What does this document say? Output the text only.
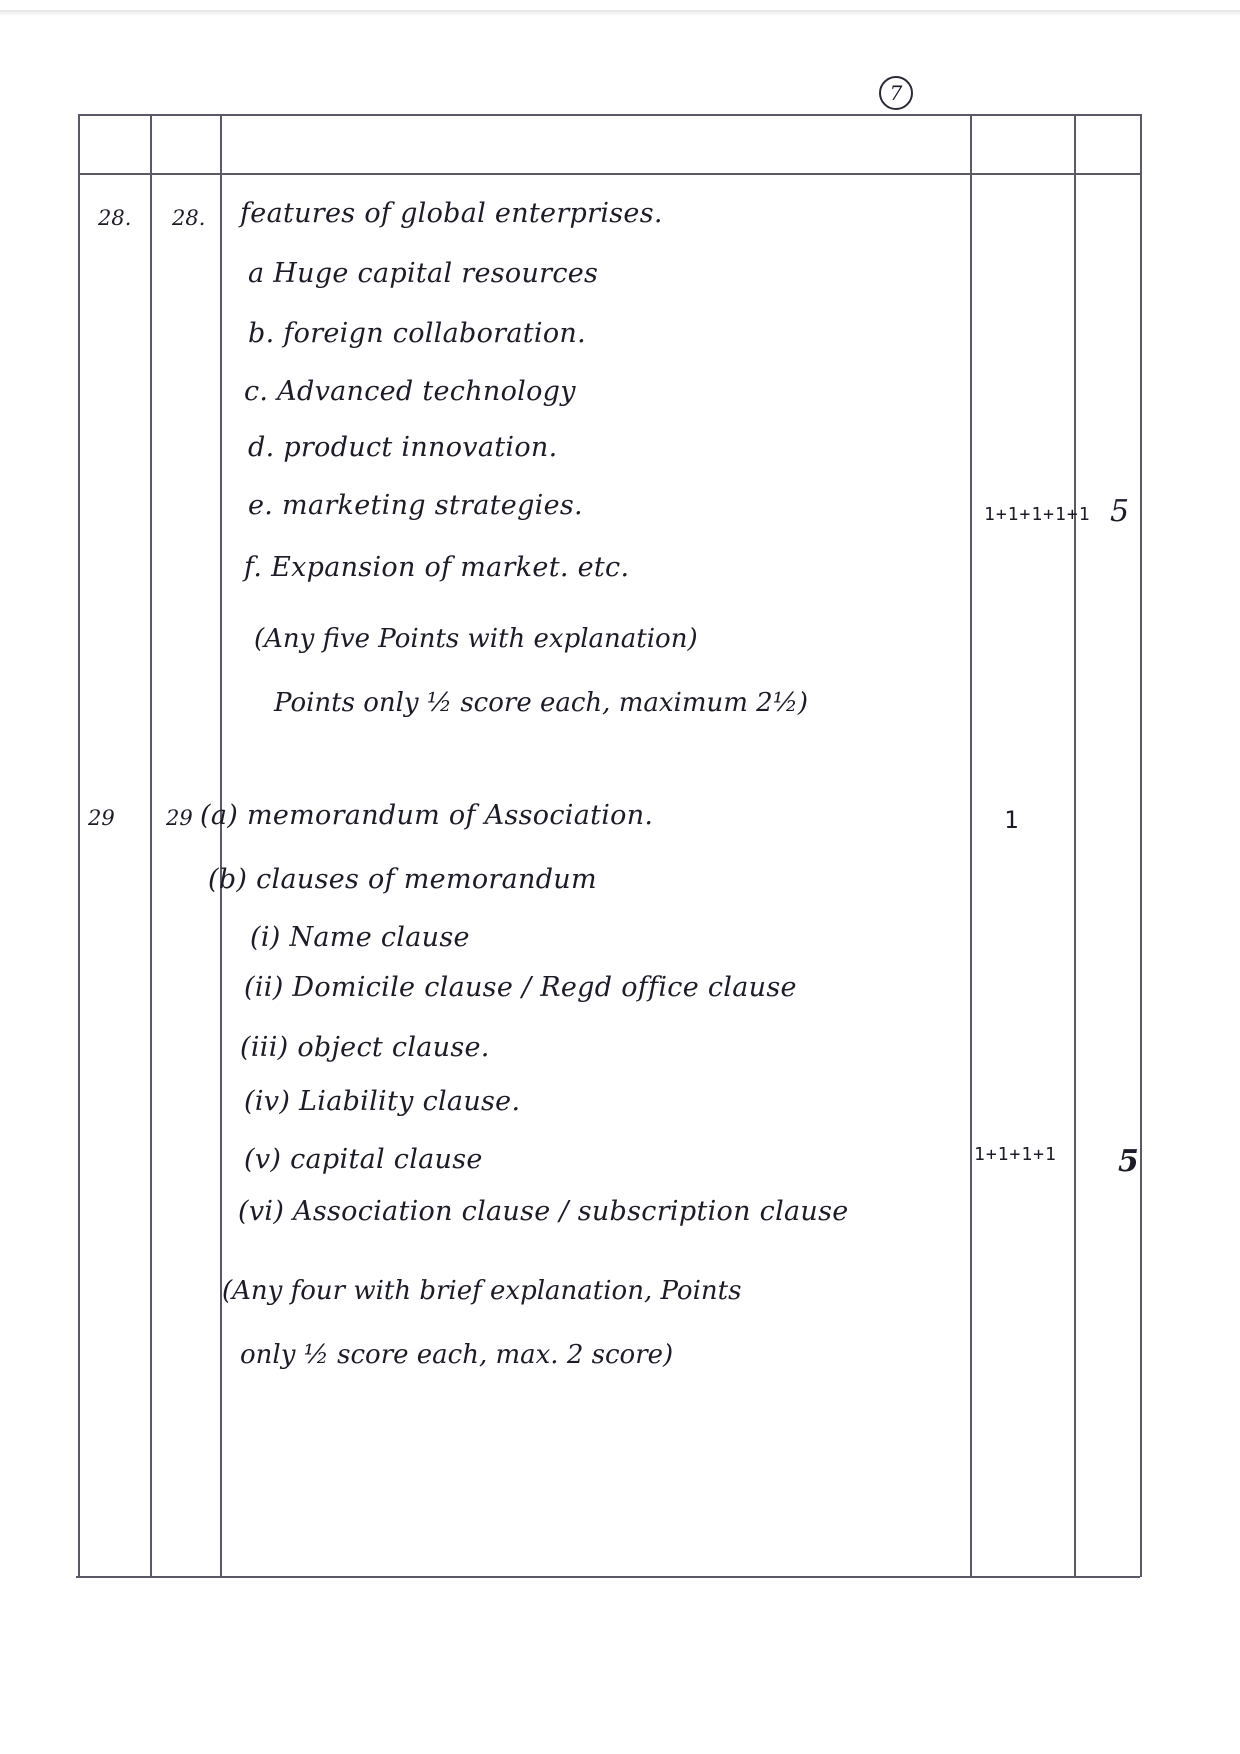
7
28. 28. features of global enterprises.
a Huge capital resources
b. foreign collaboration.
c. Advanced technology
d. product innovation.
e. marketing strategies.
f. Expansion of market. etc.
(Any five Points with explanation)
Points only ½ score each, maximum 2½)
1+1+1+1+1 5
29 29 (a) memorandum of Association.
(b) clauses of memorandum
(i) Name clause
(ii) Domicile clause / Regd office clause
(iii) object clause.
(iv) Liability clause.
(v) capital clause
(vi) Association clause / subscription clause
(Any four with brief explanation, Points
only ½ score each, max. 2 score)
1
1+1+1+1 5
